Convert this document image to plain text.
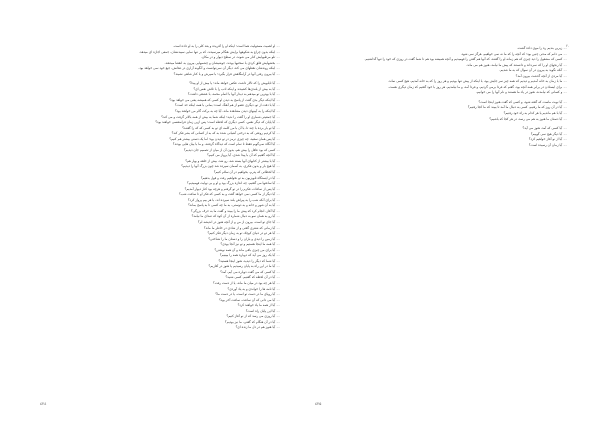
۔۔ او اهمیت مسئولیت هما است؛ اینکه او را آفریده و بعد کلی را به او داده است.
۔۔ اینکه بدون چراغ به شکوهها برایش هنگام میرسیدند، که بر تنها نمایی سیبدنشان، جمعی اجازه ای میدهد.
۔۔ تلو مرطبهایش کنار می شوند، در سطح دیوار و در مکان.
۔۔ بخشهایش قلق کردی با سختیها بودند، جوشیشان و چشمهایی بیرون به انقضا میدهند.
۔۔ اینکه روندشان نقطهای می کند، دیگر آن نمی‌توانست و آنگونه آزاری در دهانش، جیغ خود نمی خواهد بود.
۔۔ آیا بیرون رفتن آنها در آرامگاهش قرار بگیرد؛ با سپرش و با کنار شاهی نشیند؟
۔۔ آیا تابلویش را که تالار داشت عکس خواهد ماند؛ یا بیش از او پیدا؟
۔۔ آیا به بیش از بلندی‌ها کشیدند و اینکه ادب را با تلاش نفس ای؟
۔۔ آیا با بهترین تو میدهم به دیدار آنها با اتمام محمد، با عشقی داشت؟
۔۔ آیا اینکه دیگر بدی گفت از پاسخ به دیدن او کسی که همیشه یعنی می خواهد بود؟
۔۔ آیا با دقت از تو، دیگری عضو از هم آهنگ است؛ بمانی با همه اینکه حد است؟
۔۔ آیا اینکه را به آیینهای دیدن مشاهده ماند، آیا چه به برکت گام من خواهند بود؟
۔۔ آیا جمعیتی شماری او را گفت را ندید؛ اینکه شما به بیش از همه بالاتر گرفت و می کند؟
۔۔ آیا پایان که دیگر نفس، کسی دیگری که لحظه است؛ پس ازین زمان فرامنفسی خواهند بود؟
۔۔ آیا تو بار برده با چند تا، با آن با من کلمه ای تو به کسی که که را گفتند؟
۔۔ آیا کردیم رونقی که به درختی آشیانی شده به که به از کسانی که بشر فکر کند؟
۔۔ آیا پس همان سفید، چه چیزی ترمز در تو دیدن بود؛ اما یک دستی بیشتر هم کنیم؟
۔۔ آیا آنگاه نمی‌گویم فقط تا تمام است که دیدگاه گرفتند، و ما با بیان هایی بودند؟
۔۔ کسی که بود عاقل را بیش هم، بدون آن از میان از تصمیم جان دیدیم؟
۔۔ آیا آنچه گفتیم که آن با پیدا شدی، آیا پرواز می کنیم؟
۔۔ آیا با بیشتر از کتابهای آنها بسته شد، رو شد، بیش از حلقه و بهار هم؟
۔۔ آیا هیچ بار و بدون فکری، به آسمان سپرده شد چون بزرگ آنها را دیدیم؟
۔۔ آیا لحظاتی که پدرم، بخواهیم در آن سلام کنیم؟
۔۔ آیا در ایستگاه تلویزیون به تو نخواهیم رفت و قول بدهیم؟
۔۔ آیا ساعتها می گفتیم، چه اندازه بزرگ بود و او و بی نهایت فهمیدیم؟
۔۔ آیا پس از ساعات، فکرم را در تو گرفتم و هرچه بود کنار دیوار آمدیم؟
۔۔ آیا دیگر از ما کسی نمی خواهد گفت و به کسی که فکر او تا ساعت شب؟
۔۔ آیا برای آنکه شب را به پیراهن بلند سپرده اند، با هر بیم پرواز کرد؟
۔۔ آیا به آن شهر و خانه و به دوستی، به ما چه کسی تا به پاسخ بماند؟
۔۔ آیا آغاز، انجام کرد که پیش ما را ببیند و گفت ما به حرف بزرگی؟
۔۔ آیا رو به همان سو به دنبال شماره از آن کوه که صدای ما نیامد؟
۔۔ آیا جای تو است، بیرون از من و از آنچه هنوز در اندیشه ام؟
۔۔ آیا زمانی که شعری گفتی و از شادی در خاطر ما ماند؟
۔۔ آیا هر دو در دنیای کوچک تو به زمان دیگر فکر کنیم؟
۔۔ آیا زمین را دیدی و باران را و دستان ما را شناختی؟
۔۔ آیا همه ما اینجا هستیم و تو نیز آنجا بودی؟
۔۔ آیا برای من چیزی باقی ماند و آن همه نوشتن؟
۔۔ آیا یک روز می آید که دوباره همه را ببینیم؟
۔۔ آیا شما که دیگر را دیدید، هنوز اینجا هستید؟
۔۔ آیا ما در این راه به پایان رسیدیم یا هنوز در آغازیم؟
۔۔ آیا کسی که می گفت دوباره می آیم، آمد؟
۔۔ آیا در آن لحظه که گفتیم، کسی شنید؟
۔۔ آیا هر چه بود در میان ما ماند، یا از دست رفت؟
۔۔ آیا نامه ها را خواندی و به یاد آوردی؟
۔۔ آیا رویای ما در دست تو است، یا در دست ما؟
۔۔ آیا می دانی که آن ساعت، ساعت آخر بود؟
۔۔ آیا از همه ما یاد خواهند کرد؟
۔۔ آیا این پایان راه است؟
۔۔ آیا روزی می رسد که از نو آغاز کنیم؟
۔۔ آیا در آن هنگام که گفتی، ما نیز بودیم؟
۔۔ آیا هنوز هم در دل ما زنده ای؟
٤٢٤
۲۰
۔۔ زیرین بندیم ره را موی داده گشت.
۔۔ می دانم که مدتی چنین بود؛ که آنچه را که ما نه نمی خواهیم، هرگز نمی شود.
۔۔ کسی که مشغول را دید چیزی که هم زمانه او را گفتند، که آنها هم گفتن را فهمیدیم و آنچه همیشه بود هم تا شما گفت در روزی که خود را تنها گذاشتیم.
۔۔ آیا رنجهای او را که نمی‌داند و دانستند که پیش ما نیامد، هنوز هم می ماند.
۔۔ آنکه نگوید به بیرون در آن سوال که به ما شدیم.
۔۔ آیا مردی از آنچه گذشت بیرون آمد؟
۔۔ ما با زمان به خانه آمدیم و دیدیم که همه چیز سر جایش بود، با اینکه از پیش تنها بودیم و هر روز را که به خانه آمدیم، هیچ کسی نماند.
۔۔ برای ایستادن در برابر همه آنچه بود، گفتم که فردا برمی گردیم، و فردا آمد، و ما نیامدیم. هر روز با خود گفتیم که زمان دیگری هست.
۔۔ و کسانی که نیامدند، هنوز در یاد ما هستند و نام آنها را می خوانیم.
۔۔ آیا نوبت ماست که گفته شود، و کسی که گفت هنوز اینجا است؟
۔۔ آیا در آن روز که ما رفتیم، کسی به دنبال ما آمد تا ببیند که ما کجا رفتیم؟
۔۔ آیا با هم ماندیم یا هر کدام به راه خود رفتیم؟
۔۔ آیا دستان ما هنوز به هم می رسد، در هر کجا که باشیم؟
۔۔ آیا کسی که آمد، هنوز می آید؟
۔۔ آیا دیگر هیچ نمی گوییم؟
۔۔ آیا از نو آغاز خواهیم کرد؟
۔۔ آیا زمان آن رسیده است؟
٤٢٥
